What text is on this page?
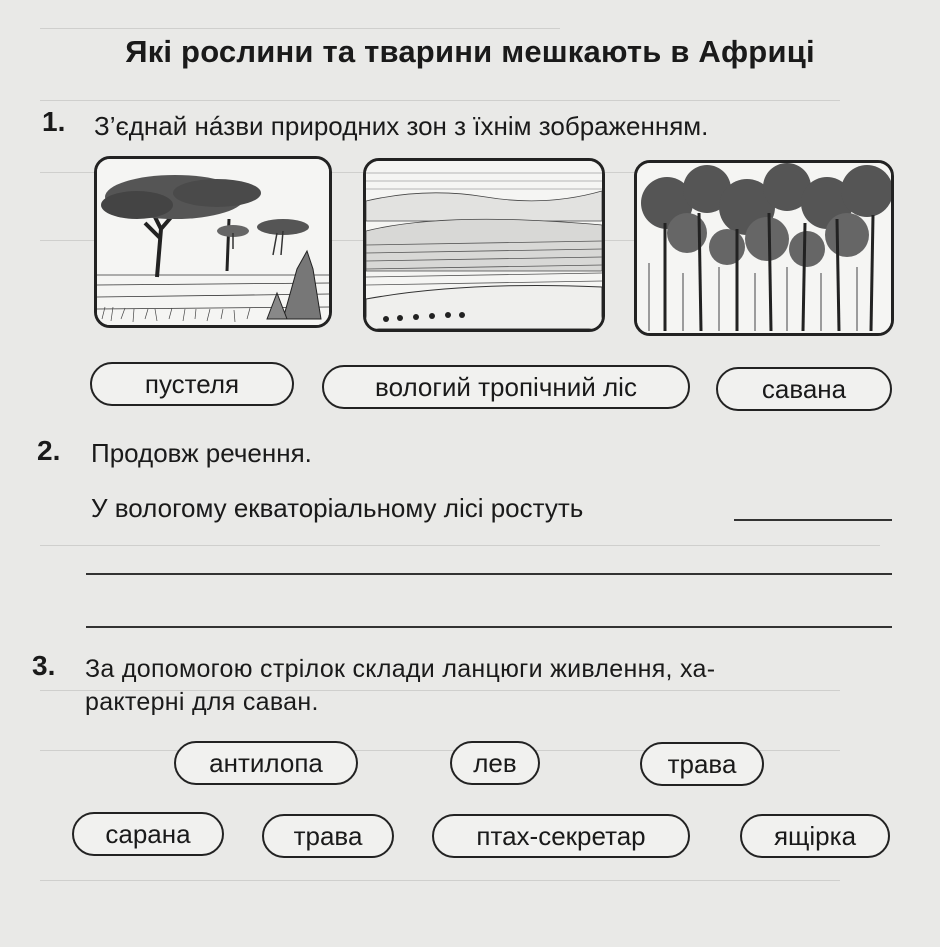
Які рослини та тварини мешкають в Африці
1. З’єднай нáзви природних зон з їхнім зображенням.
пустеля	вологий тропічний ліс	савана
2. Продовж речення.
У вологому екваторіальному лісі ростуть
3. За допомогою стрілок склади ланцюги живлення, ха-
рактерні для саван.
антилопа	лев	трава
сарана	трава	птах-секретар	ящірка
